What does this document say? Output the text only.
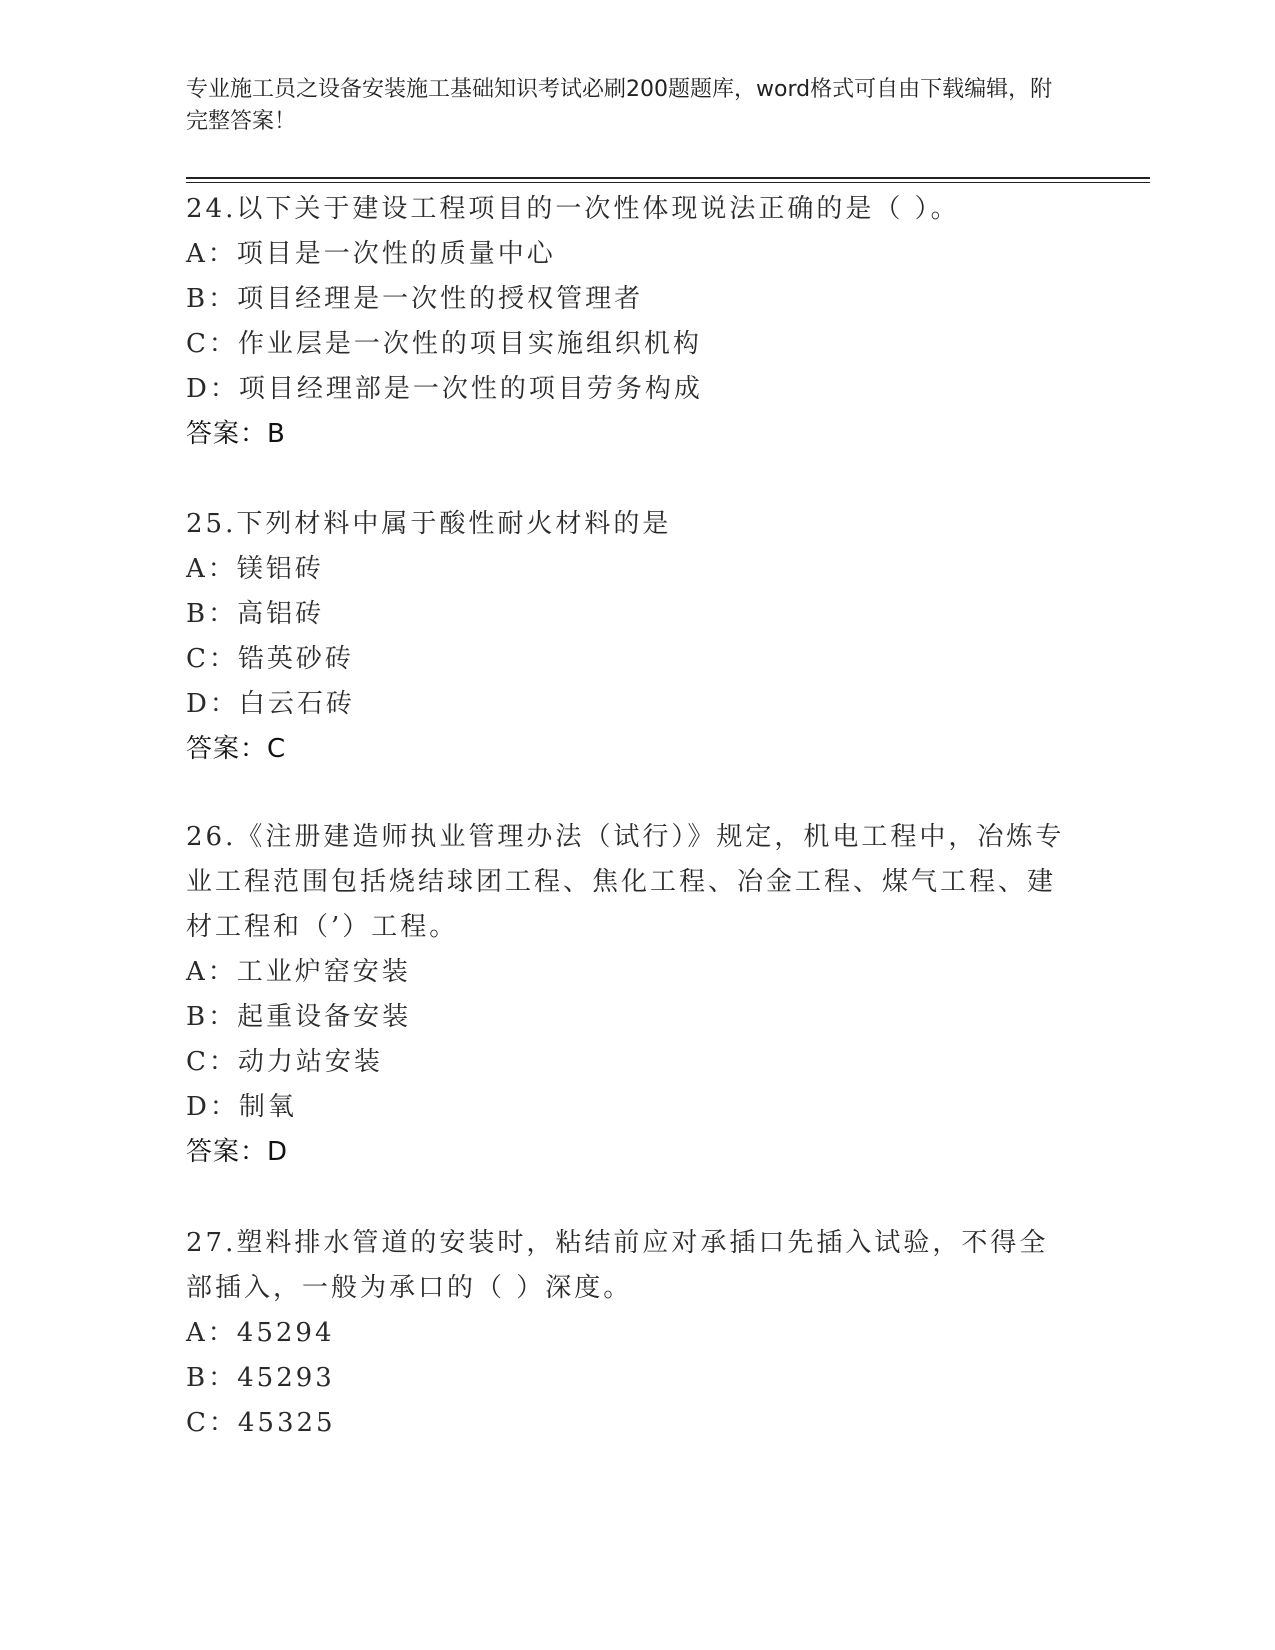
专业施工员之设备安装施工基础知识考试必刷200题题库，word格式可自由下载编辑，附完整答案！

24.以下关于建设工程项目的一次性体现说法正确的是（ ）。

A：项目是一次性的质量中心

B：项目经理是一次性的授权管理者

C：作业层是一次性的项目实施组织机构

D：项目经理部是一次性的项目劳务构成

答案：B

25.下列材料中属于酸性耐火材料的是

A：镁铝砖

B：高铝砖

C：锆英砂砖

D：白云石砖

答案：C

26.《注册建造师执业管理办法（试行）》规定，机电工程中，冶炼专业工程范围包括烧结球团工程、焦化工程、冶金工程、煤气工程、建材工程和（’）工程。

A：工业炉窑安装

B：起重设备安装

C：动力站安装

D：制氧

答案：D

27.塑料排水管道的安装时，粘结前应对承插口先插入试验，不得全部插入，一般为承口的（ ）深度。

A：45294

B：45293

C：45325
